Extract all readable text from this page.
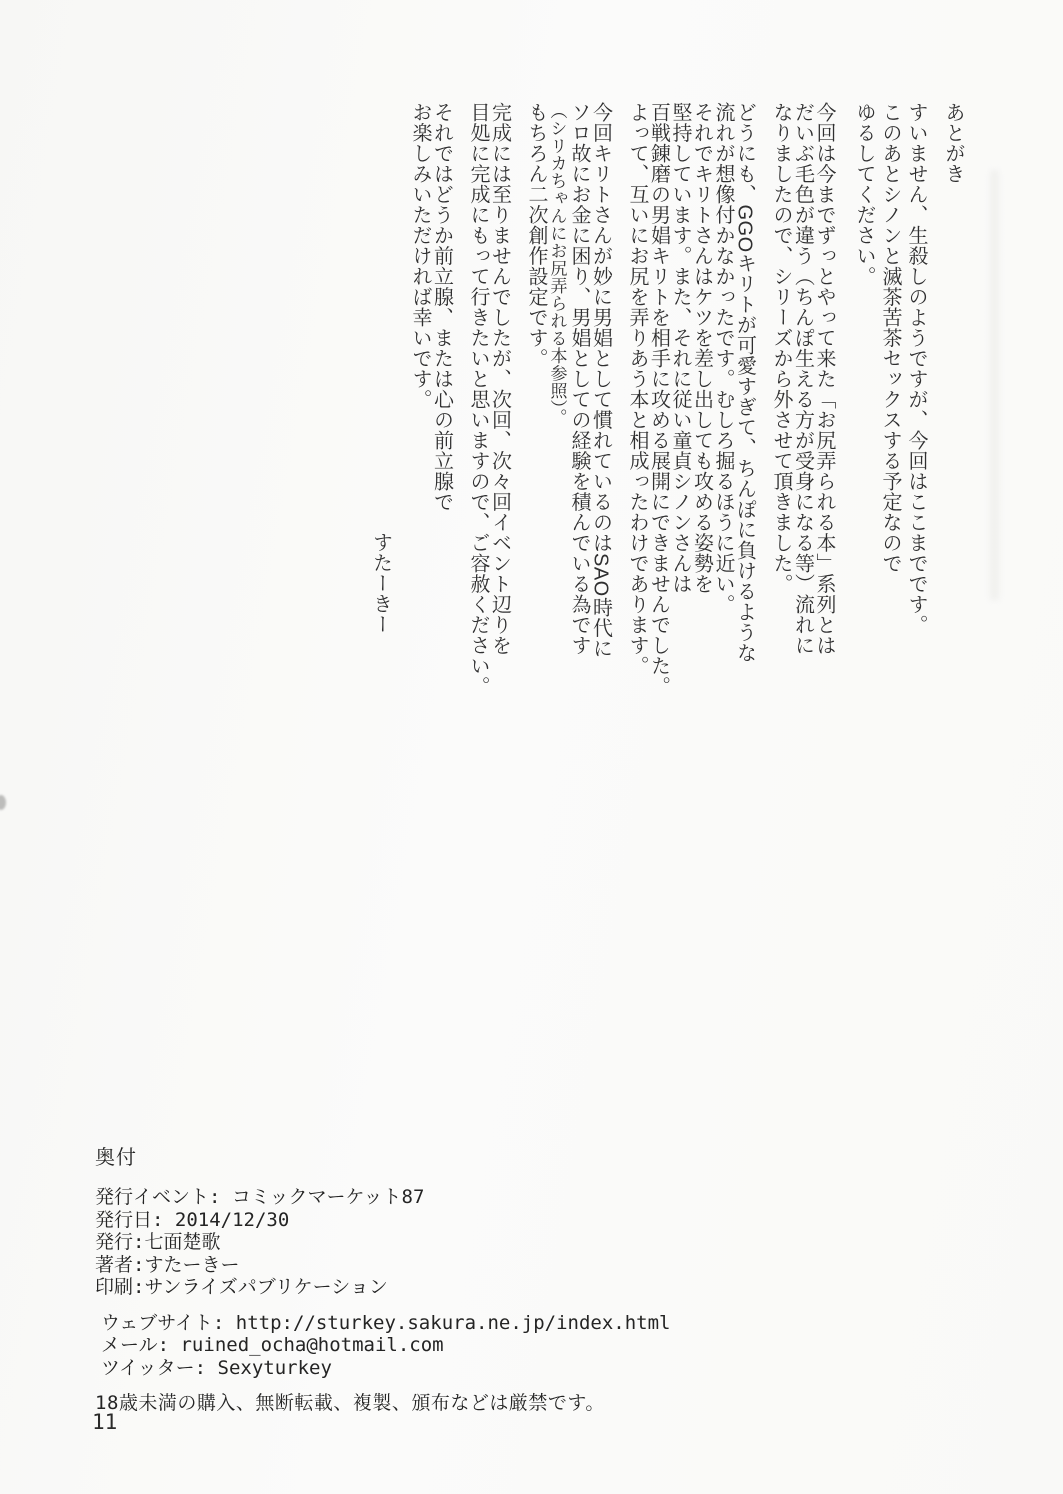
あとがき
すいません、生殺しのようですが、今回はここまでです。
このあとシノンと滅茶苦茶セックスする予定なので
ゆるしてください。
今回は今までずっとやって来た「お尻弄られる本」系列とは
だいぶ毛色が違う（ちんぽ生える方が受身になる等）流れに
なりましたので、シリーズから外させて頂きました。
どうにも、GGOキリトが可愛すぎて、ちんぽに負けるような
流れが想像付かなかったです。むしろ掘るほうに近い。
それでキリトさんはケツを差し出しても攻める姿勢を
堅持しています。また、それに従い童貞シノンさんは
百戦錬磨の男娼キリトを相手に攻める展開にできませんでした。
よって、互いにお尻を弄りあう本と相成ったわけであります。
今回キリトさんが妙に男娼として慣れているのはSAO時代に
ソロ故にお金に困り、男娼としての経験を積んでいる為です
（シリカちゃんにお尻弄られる本参照）。
もちろん二次創作設定です。
完成には至りませんでしたが、次回、次々回イベント辺りを
目処に完成にもって行きたいと思いますので、ご容赦ください。
それではどうか前立腺、または心の前立腺で
お楽しみいただければ幸いです。
すたーきー
奥付
発行イベント: コミックマーケット87
発行日: 2014/12/30
発行:七面楚歌
著者:すたーきー
印刷:サンライズパブリケーション
ウェブサイト: http://sturkey.sakura.ne.jp/index.html
メール: ruined_ocha@hotmail.com
ツイッター: Sexyturkey
18歳未満の購入、無断転載、複製、頒布などは厳禁です。
11
